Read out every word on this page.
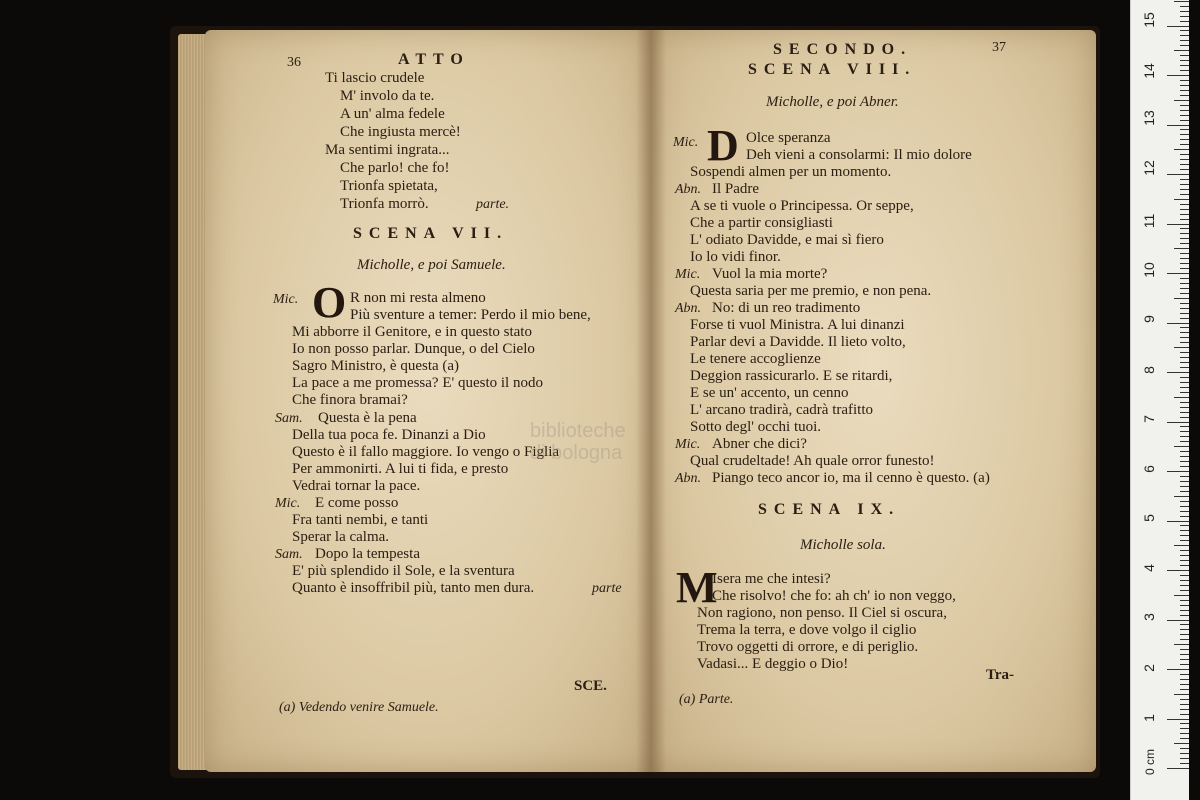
36	ATTO
Ti lascio crudele
M' involo da te.
A un' alma fedele
Che ingiusta mercè!
Ma sentimi ingrata...
Che parlo! che fo!
Trionfa spietata,
Trionfa morrò.	parte.
SCENA VII.
Micholle, e poi Samuele.
Mic. O R non mi resta almeno
Più sventure a temer: Perdo il mio bene,
Mi abborre il Genitore, e in questo stato
Io non posso parlar. Dunque, o del Cielo
Sagro Ministro, è questa (a)
La pace a me promessa? E' questo il nodo
Che finora bramai?
Sam. Questa è la pena
Della tua poca fe. Dinanzi a Dio
Questo è il fallo maggiore. Io vengo o Figlia
Per ammonirti. A lui ti fida, e presto
Vedrai tornar la pace.
Mic. E come posso
Fra tanti nembi, e tanti
Sperar la calma.
Sam. Dopo la tempesta
E' più splendido il Sole, e la sventura
Quanto è insoffribil più, tanto men dura.	parte
SCE.
(a) Vedendo venire Samuele.
SECONDO.	37
SCENA VIII.
Micholle, e poi Abner.
Mic. D Olce speranza
Deh vieni a consolarmi: Il mio dolore
Sospendi almen per un momento.
Abn. Il Padre
A se ti vuole o Principessa. Or seppe,
Che a partir consigliasti
L' odiato Davidde, e mai sì fiero
Io lo vidi finor.
Mic. Vuol la mia morte?
Questa saria per me premio, e non pena.
Abn. No: di un reo tradimento
Forse ti vuol Ministra. A lui dinanzi
Parlar devi a Davidde. Il lieto volto,
Le tenere accoglienze
Deggion rassicurarlo. E se ritardi,
E se un' accento, un cenno
L' arcano tradirà, cadrà trafitto
Sotto degl' occhi tuoi.
Mic. Abner che dici?
Qual crudeltade! Ah quale orror funesto!
Abn. Piango teco ancor io, ma il cenno è questo. (a)
SCENA IX.
Micholle sola.
M
Isera me che intesi?
Che risolvo! che fo: ah ch' io non veggo,
Non ragiono, non penso. Il Ciel si oscura,
Trema la terra, e dove volgo il ciglio
Trovo oggetti di orrore, e di periglio.
Vadasi... E deggio o Dio!
Tra-
(a) Parte.
biblioteche
di bologna
0 cm
15
14
13
12
11
10
9
8
7
6
5
4
3
2
1
